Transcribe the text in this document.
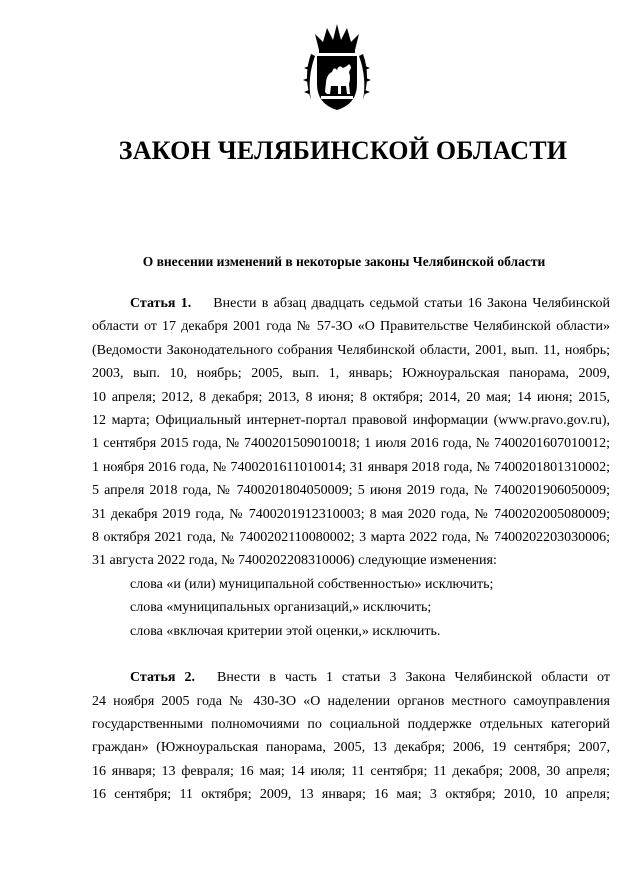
ЗАКОН ЧЕЛЯБИНСКОЙ ОБЛАСТИ
О внесении изменений в некоторые законы Челябинской области
Статья 1. Внести в абзац двадцать седьмой статьи 16 Закона Челябинской
области от 17 декабря 2001 года № 57-ЗО «О Правительстве Челябинской области»
(Ведомости Законодательного собрания Челябинской области, 2001, вып. 11, ноябрь;
2003, вып. 10, ноябрь; 2005, вып. 1, январь; Южноуральская панорама, 2009,
10 апреля; 2012, 8 декабря; 2013, 8 июня; 8 октября; 2014, 20 мая; 14 июня; 2015,
12 марта; Официальный интернет-портал правовой информации (www.pravo.gov.ru),
1 сентября 2015 года, № 7400201509010018; 1 июля 2016 года, № 7400201607010012;
1 ноября 2016 года, № 7400201611010014; 31 января 2018 года, № 7400201801310002;
5 апреля 2018 года, № 7400201804050009; 5 июня 2019 года, № 7400201906050009;
31 декабря 2019 года, № 7400201912310003; 8 мая 2020 года, № 7400202005080009;
8 октября 2021 года, № 7400202110080002; 3 марта 2022 года, № 7400202203030006;
31 августа 2022 года, № 7400202208310006) следующие изменения:

слова «и (или) муниципальной собственностью» исключить;

слова «муниципальных организаций,» исключить;

слова «включая критерии этой оценки,» исключить.

Статья 2. Внести в часть 1 статьи 3 Закона Челябинской области от
24 ноября 2005 года № 430-ЗО «О наделении органов местного самоуправления
государственными полномочиями по социальной поддержке отдельных категорий
граждан» (Южноуральская панорама, 2005, 13 декабря; 2006, 19 сентября; 2007,
16 января; 13 февраля; 16 мая; 14 июля; 11 сентября; 11 декабря; 2008, 30 апреля;
16 сентября; 11 октября; 2009, 13 января; 16 мая; 3 октября; 2010, 10 апреля;
